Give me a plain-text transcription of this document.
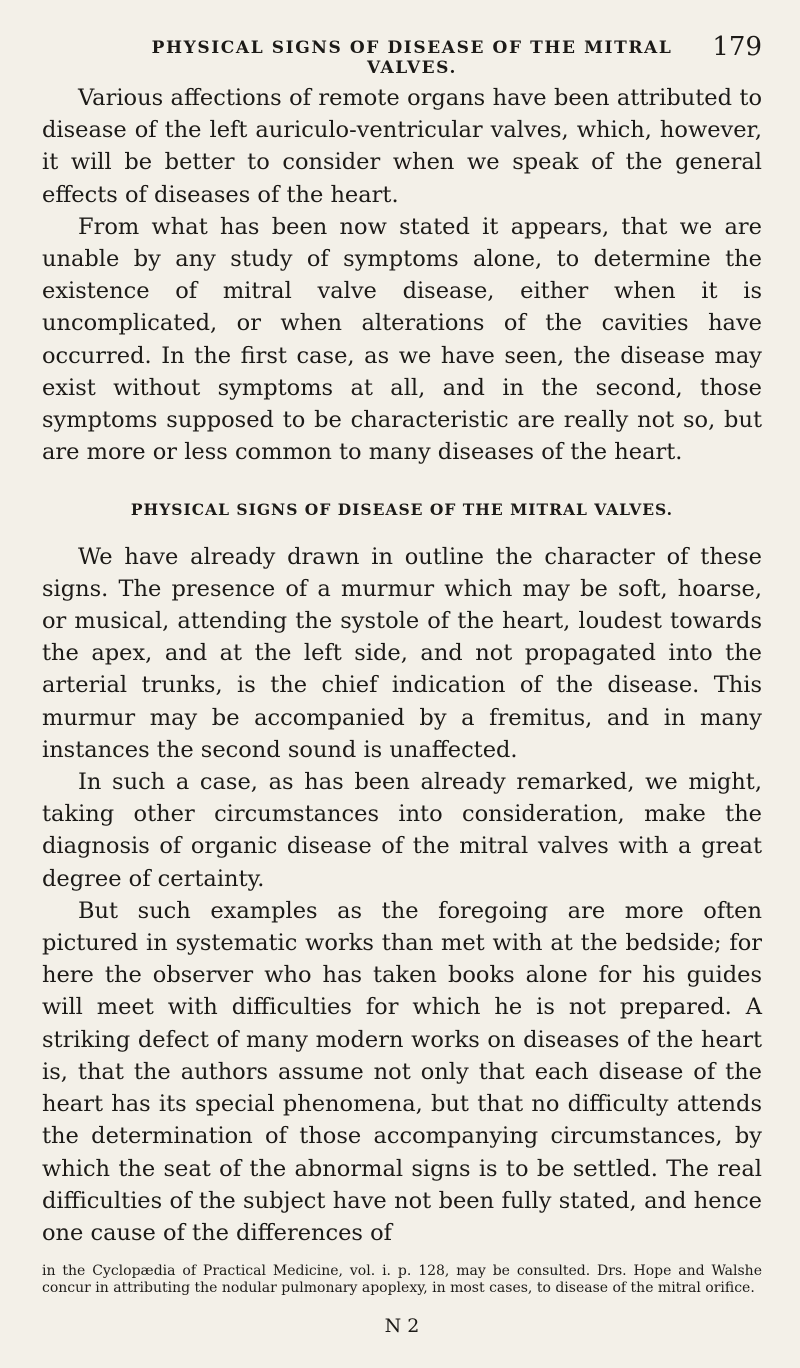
PHYSICAL SIGNS OF DISEASE OF THE MITRAL VALVES.
179

Various affections of remote organs have been attributed to disease of the left auriculo-ventricular valves, which, however, it will be better to consider when we speak of the general effects of diseases of the heart.

From what has been now stated it appears, that we are unable by any study of symptoms alone, to determine the existence of mitral valve disease, either when it is uncomplicated, or when alterations of the cavities have occurred. In the first case, as we have seen, the disease may exist without symptoms at all, and in the second, those symptoms supposed to be characteristic are really not so, but are more or less common to many diseases of the heart.

PHYSICAL SIGNS OF DISEASE OF THE MITRAL VALVES.

We have already drawn in outline the character of these signs. The presence of a murmur which may be soft, hoarse, or musical, attending the systole of the heart, loudest towards the apex, and at the left side, and not propagated into the arterial trunks, is the chief indication of the disease. This murmur may be accompanied by a fremitus, and in many instances the second sound is unaffected.

In such a case, as has been already remarked, we might, taking other circumstances into consideration, make the diagnosis of organic disease of the mitral valves with a great degree of certainty.

But such examples as the foregoing are more often pictured in systematic works than met with at the bedside; for here the observer who has taken books alone for his guides will meet with difficulties for which he is not prepared. A striking defect of many modern works on diseases of the heart is, that the authors assume not only that each disease of the heart has its special phenomena, but that no difficulty attends the determination of those accompanying circumstances, by which the seat of the abnormal signs is to be settled. The real difficulties of the subject have not been fully stated, and hence one cause of the differences of

in the Cyclopædia of Practical Medicine, vol. i. p. 128, may be consulted. Drs. Hope and Walshe concur in attributing the nodular pulmonary apoplexy, in most cases, to disease of the mitral orifice.

N 2
